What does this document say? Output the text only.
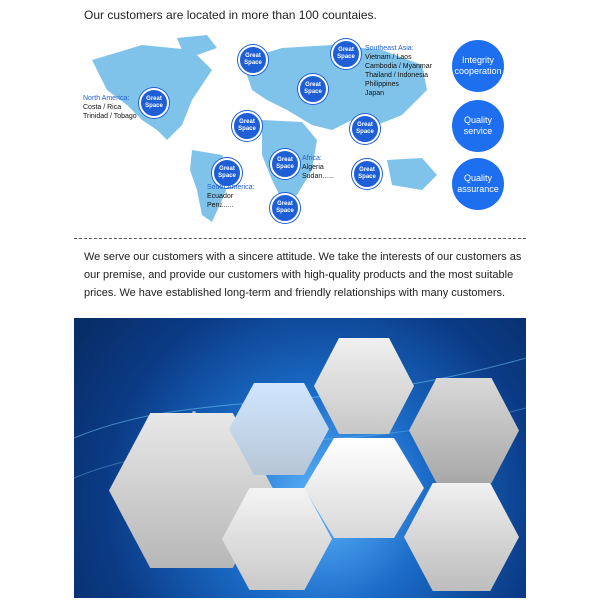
Our customers are located in more than 100 countaies.
Great
Space
Great
Space
Great
Space
Great
Space
Great
Space
Great
Space
Great
Space
Great
Space	Great
Space
Great
Space
North America:
Costa / Rica
Trinidad / Tobago
Southeast Asia:
Vietnam / Laos
Cambodia / Myanmar
Thailand / Indonesia
Philippines
Japan
Africa:
Algeria
Sudan......
South America:
Ecuador
Peru......
Integrity cooperation
Quality service
Quality assurance
We serve our customers with a sincere attitude. We take the interests of our customers as our premise, and provide our customers with high-quality products and the most suitable prices. We have established long-term and friendly relationships with many customers.
